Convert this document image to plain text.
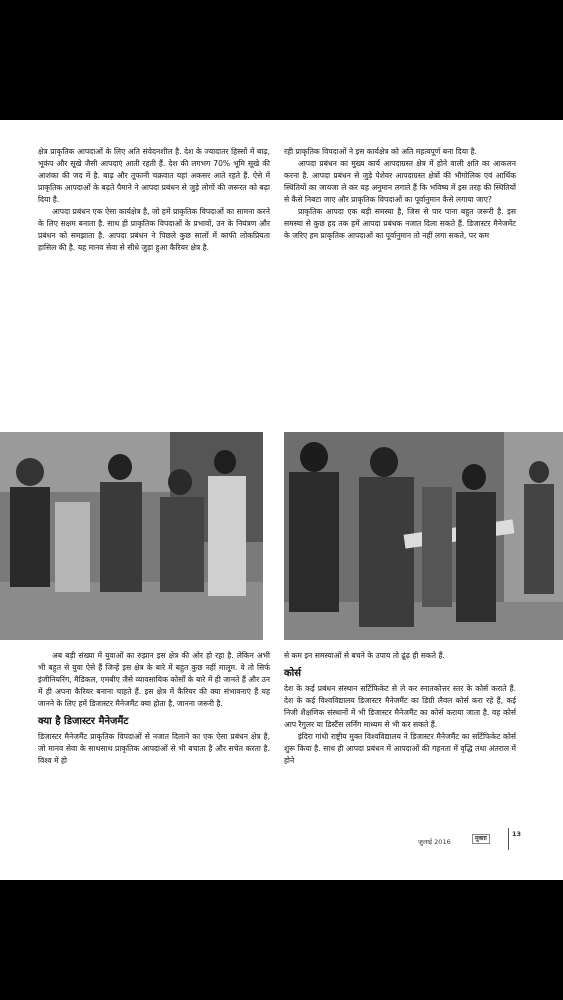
क्षेत्र प्राकृतिक आपदाओं के लिए अति संवेदनशील है. देश के ज्यादातर हिस्सों में बाढ़, भूकंप और सूखे जैसी आपदाएं आती रहती हैं. देश की लगभग 70% भूमि सूखे की आशंका की जद में है. बाढ़ और तूफानी चक्रवात यहां अकसर आते रहते हैं. ऐसे में प्राकृतिक आपदाओं के बढ़ते पैमाने ने आपदा प्रबंधन से जुड़े लोगों की जरूरत को बढ़ा दिया है.

आपदा प्रबंधन एक ऐसा कार्यक्षेत्र है, जो हमें प्राकृतिक विपदाओं का सामना करने के लिए सक्षम बनाता है. साथ ही प्राकृतिक विपदाओं के प्रभावों, उन के नियंत्रण और प्रबंधन को समझाता है. आपदा प्रबंधन ने पिछले कुछ सालों में काफी लोकप्रियता हासिल की है. यह मानव सेवा से सीधे जुड़ा हुआ कैरियर क्षेत्र है.

रही प्राकृतिक विपदाओं ने इस कार्यक्षेत्र को अति महत्वपूर्ण बना दिया है.

आपदा प्रबंधन का मुख्य कार्य आपदाग्रस्त क्षेत्र में होने वाली क्षति का आकलन करना है. आपदा प्रबंधन से जुड़े पेशेवर आपदाग्रस्त क्षेत्रों की भौगोलिक एवं आर्थिक स्थितियों का जायजा ले कर यह अनुमान लगाते हैं कि भविष्य में इस तरह की स्थितियों से कैसे निबटा जाए और प्राकृतिक विपदाओं का पूर्वानुमान कैसे लगाया जाए?

प्राकृतिक आपदा एक बड़ी समस्या है, जिस से पार पाना बहुत जरूरी है. इस समस्या से कुछ हद तक हमें आपदा प्रबंधक नजात दिला सकते हैं. डिजास्टर मैनेजमेंट के जरिए हम प्राकृतिक आपदाओं का पूर्वानुमान तो नहीं लगा सकते, पर कम

अब बड़ी संख्या में युवाओं का रुझान इस क्षेत्र की ओर हो रहा है. लेकिन अभी भी बहुत से युवा ऐसे हैं जिन्हें इस क्षेत्र के बारे में बहुत कुछ नहीं मालूम. वे तो सिर्फ इंजीनियरिंग, मैडिकल, एमबीए जैसे व्यावसायिक कोर्सों के बारे में ही जानते हैं और उन में ही अपना कैरियर बनाना चाहते हैं. इस क्षेत्र में कैरियर की क्या संभावनाएं हैं यह जानने के लिए हमें डिजास्टर मैनेजमैंट क्या होता है, जानना जरूरी है.

क्या है डिजास्टर मैनेजमैंट

डिजास्टर मैनेजमैंट प्राकृतिक विपदाओं से नजात दिलाने का एक ऐसा प्रबंधन क्षेत्र है, जो मानव सेवा के साथसाथ प्राकृतिक आपदाओं से भी बचाता है और सचेत करता है. विश्व में हो

से कम इन समस्याओं से बचने के उपाय तो ढूंढ़ ही सकते हैं.

कोर्स

देश के कई प्रबंधन संस्थान सर्टिफिकेट से ले कर स्नातकोत्तर स्तर के कोर्स कराते हैं. देश के कई विश्वविद्यालय डिजास्टर मैनेजमैंट का डिग्री लैवल कोर्स करा रहे हैं, कई निजी शैक्षणिक संस्थानों में भी डिजास्टर मैनेजमैंट का कोर्स कराया जाता है. वह कोर्स आप रैगुलर या डिस्टैंस लर्निंग माध्यम से भी कर सकते हैं.

इंदिरा गांधी राष्ट्रीय मुक्त विश्वविद्यालय ने डिजास्टर मैनेजमैंट का सर्टिफिकेट कोर्स शुरू किया है. साथ ही आपदा प्रबंधन में आपदाओं की गहनता में वृद्धि तथा अंतराल में होने

जुलाई 2016	मुक्ता
13
